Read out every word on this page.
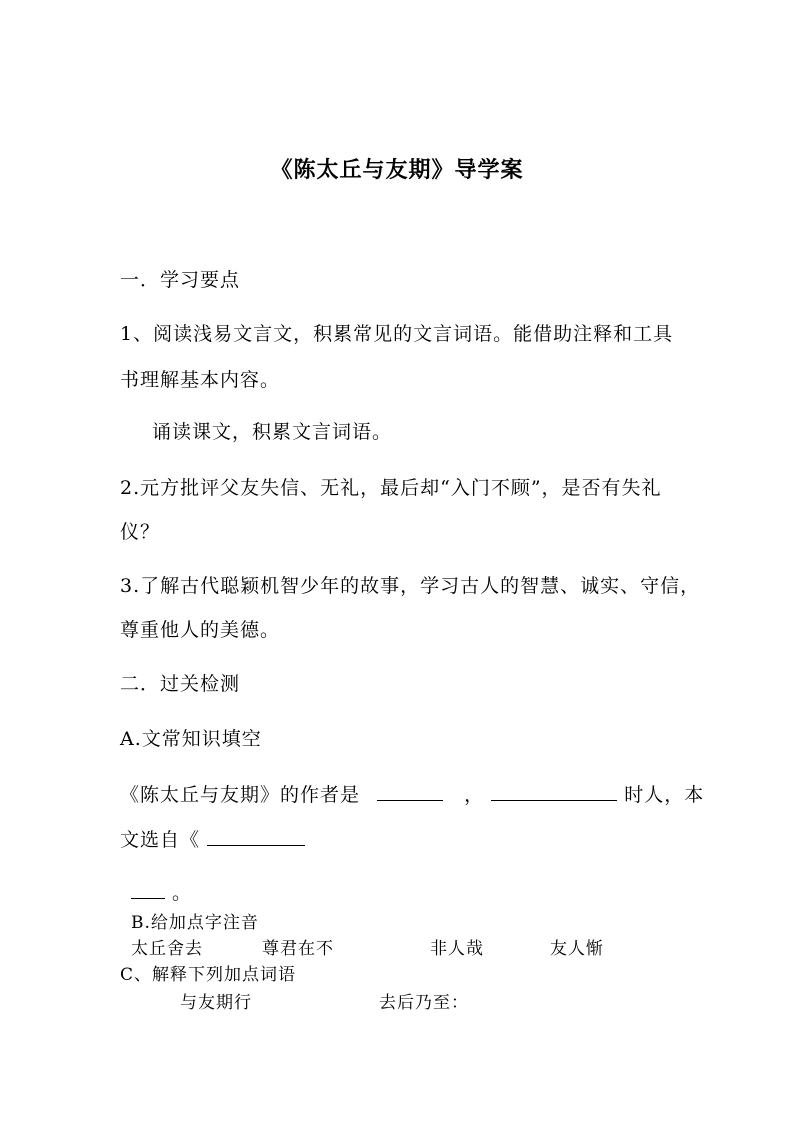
《陈太丘与友期》导学案
一．学习要点
1、阅读浅易文言文，积累常见的文言词语。能借助注释和工具
书理解基本内容。
诵读课文，积累文言词语。
2.元方批评父友失信、无礼，最后却“入门不顾”，是否有失礼
仪？
3.了解古代聪颖机智少年的故事，学习古人的智慧、诚实、守信，
尊重他人的美德。
二．过关检测
A.文常知识填空
《陈太丘与友期》的作者是	，	时人，本
文选自《
。
B.给加点字注音
太丘舍去	尊君在不	非人哉	友人惭
C、解释下列加点词语
与友期行	去后乃至：
